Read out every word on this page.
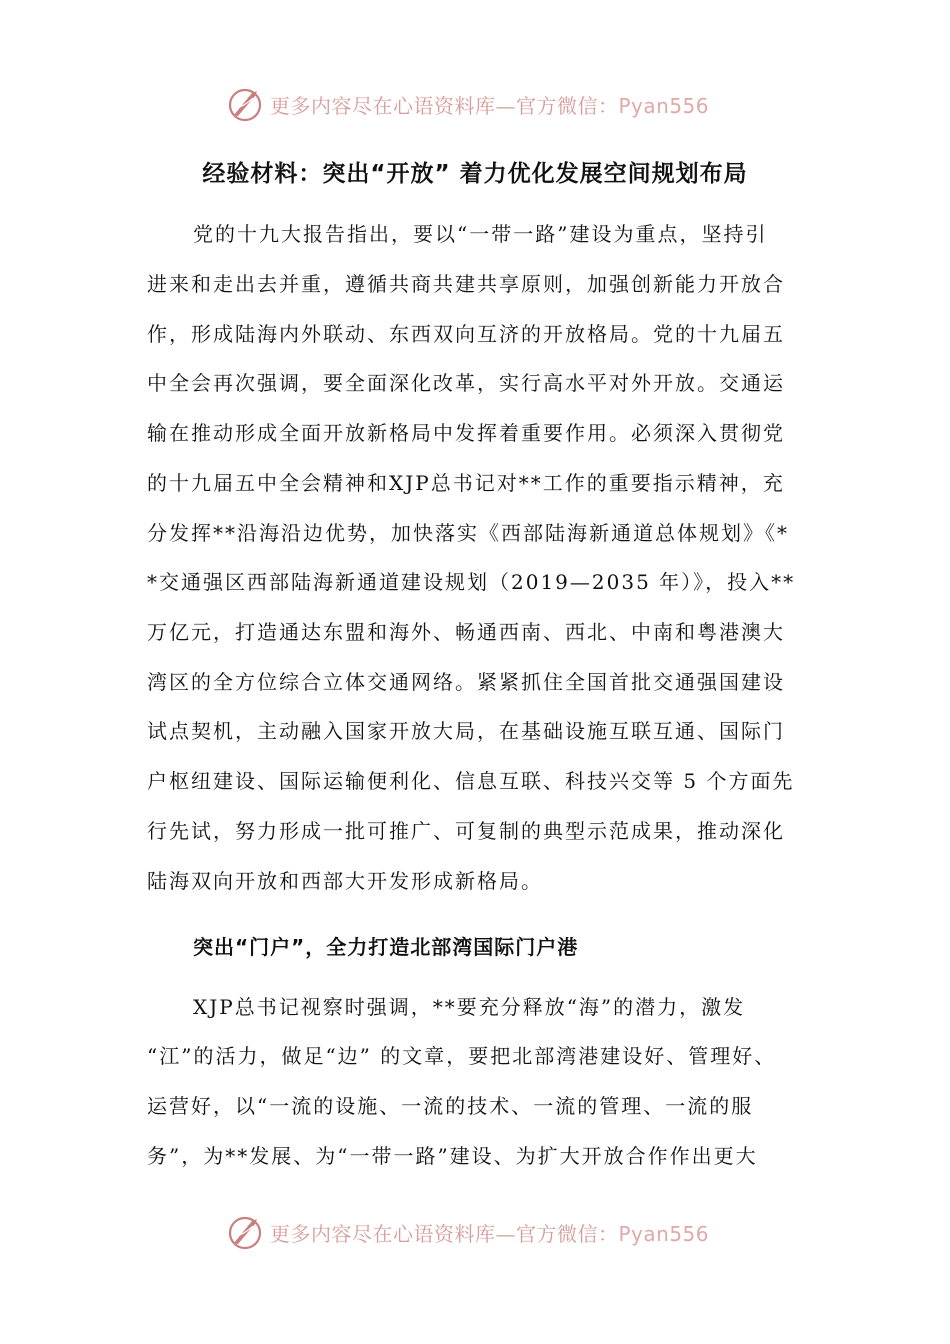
更多内容尽在心语资料库—官方微信：Pyan556
经验材料：突出“开放” 着力优化发展空间规划布局
党的十九大报告指出，要以“一带一路”建设为重点，坚持引
进来和走出去并重，遵循共商共建共享原则，加强创新能力开放合
作，形成陆海内外联动、东西双向互济的开放格局。党的十九届五
中全会再次强调，要全面深化改革，实行高水平对外开放。交通运
输在推动形成全面开放新格局中发挥着重要作用。必须深入贯彻党
的十九届五中全会精神和XJP总书记对**工作的重要指示精神，充
分发挥**沿海沿边优势，加快落实《西部陆海新通道总体规划》《*
*交通强区西部陆海新通道建设规划（2019—2035 年）》，投入**
万亿元，打造通达东盟和海外、畅通西南、西北、中南和粤港澳大
湾区的全方位综合立体交通网络。紧紧抓住全国首批交通强国建设
试点契机，主动融入国家开放大局，在基础设施互联互通、国际门
户枢纽建设、国际运输便利化、信息互联、科技兴交等 5 个方面先
行先试，努力形成一批可推广、可复制的典型示范成果，推动深化
陆海双向开放和西部大开发形成新格局。
突出“门户”，全力打造北部湾国际门户港
XJP总书记视察时强调，**要充分释放“海”的潜力，激发
“江”的活力，做足“边” 的文章，要把北部湾港建设好、管理好、
运营好，以“一流的设施、一流的技术、一流的管理、一流的服
务”，为**发展、为“一带一路”建设、为扩大开放合作作出更大
更多内容尽在心语资料库—官方微信：Pyan556
